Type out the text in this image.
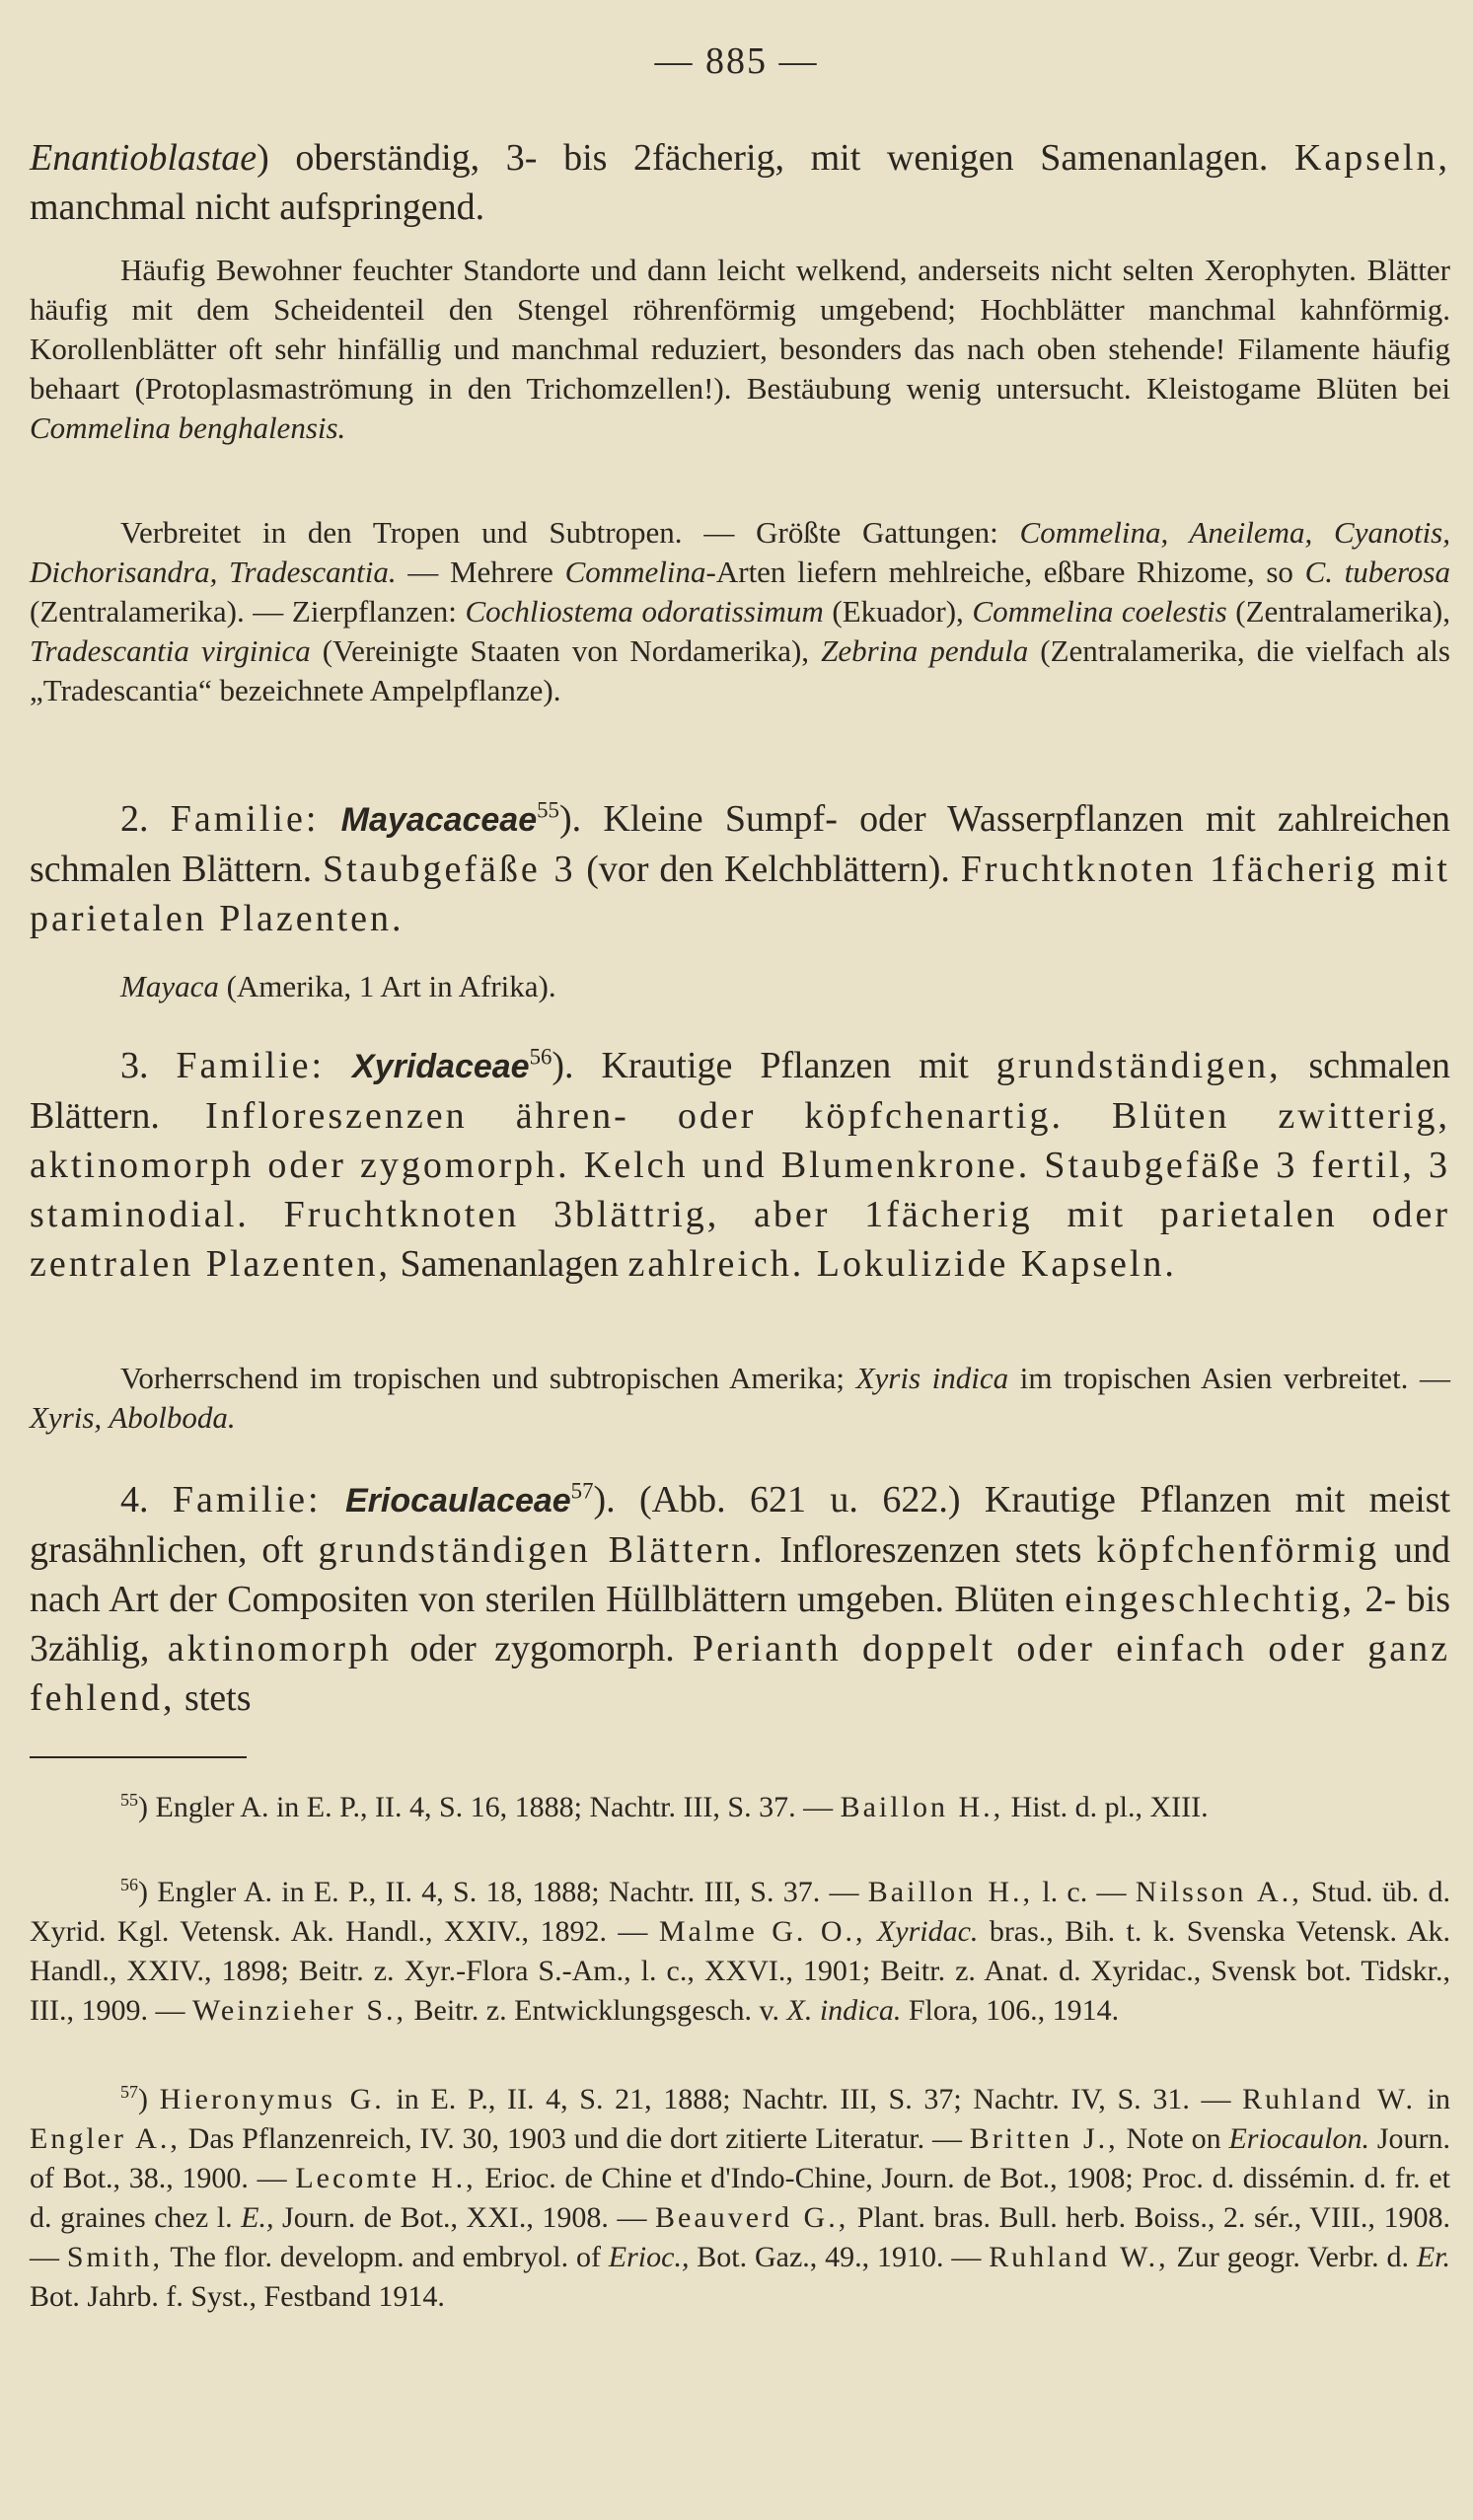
— 885 —
Enantioblastae) oberständig, 3- bis 2fächerig, mit wenigen Samenanlagen. Kapseln, manchmal nicht aufspringend.
Häufig Bewohner feuchter Standorte und dann leicht welkend, anderseits nicht selten Xerophyten. Blätter häufig mit dem Scheidenteil den Stengel röhrenförmig umgebend; Hochblätter manchmal kahnförmig. Korollenblätter oft sehr hinfällig und manchmal reduziert, besonders das nach oben stehende! Filamente häufig behaart (Protoplasmaströmung in den Trichomzellen!). Bestäubung wenig untersucht. Kleistogame Blüten bei Commelina benghalensis.
Verbreitet in den Tropen und Subtropen. — Größte Gattungen: Commelina, Aneilema, Cyanotis, Dichorisandra, Tradescantia. — Mehrere Commelina-Arten liefern mehlreiche, eßbare Rhizome, so C. tuberosa (Zentralamerika). — Zierpflanzen: Cochliostema odoratissimum (Ekuador), Commelina coelestis (Zentralamerika), Tradescantia virginica (Vereinigte Staaten von Nordamerika), Zebrina pendula (Zentralamerika, die vielfach als „Tradescantia“ bezeichnete Ampelpflanze).
2. Familie: Mayacaceae$^{55}$). Kleine Sumpf- oder Wasserpflanzen mit zahlreichen schmalen Blättern. Staubgefäße 3 (vor den Kelchblättern). Fruchtknoten 1fächerig mit parietalen Plazenten.
Mayaca (Amerika, 1 Art in Afrika).
3. Familie: Xyridaceae$^{56}$). Krautige Pflanzen mit grundständigen, schmalen Blättern. Infloreszenzen ähren- oder köpfchenartig. Blüten zwitterig, aktinomorph oder zygomorph. Kelch und Blumenkrone. Staubgefäße 3 fertil, 3 staminodial. Fruchtknoten 3blättrig, aber 1fächerig mit parietalen oder zentralen Plazenten, Samenanlagen zahlreich. Lokulizide Kapseln.
Vorherrschend im tropischen und subtropischen Amerika; Xyris indica im tropischen Asien verbreitet. — Xyris, Abolboda.
4. Familie: Eriocaulaceae$^{57}$). (Abb. 621 u. 622.) Krautige Pflanzen mit meist grasähnlichen, oft grundständigen Blättern. Infloreszenzen stets köpfchenförmig und nach Art der Compositen von sterilen Hüllblättern umgeben. Blüten eingeschlechtig, 2- bis 3zählig, aktinomorph oder zygomorph. Perianth doppelt oder einfach oder ganz fehlend, stets
$^{55}$) Engler A. in E. P., II. 4, S. 16, 1888; Nachtr. III, S. 37. — Baillon H., Hist. d. pl., XIII.
$^{56}$) Engler A. in E. P., II. 4, S. 18, 1888; Nachtr. III, S. 37. — Baillon H., l. c. — Nilsson A., Stud. üb. d. Xyrid. Kgl. Vetensk. Ak. Handl., XXIV., 1892. — Malme G. O., Xyridac. bras., Bih. t. k. Svenska Vetensk. Ak. Handl., XXIV., 1898; Beitr. z. Xyr.-Flora S.-Am., l. c., XXVI., 1901; Beitr. z. Anat. d. Xyridac., Svensk bot. Tidskr., III., 1909. — Weinzieher S., Beitr. z. Entwicklungsgesch. v. X. indica. Flora, 106., 1914.
$^{57}$) Hieronymus G. in E. P., II. 4, S. 21, 1888; Nachtr. III, S. 37; Nachtr. IV, S. 31. — Ruhland W. in Engler A., Das Pflanzenreich, IV. 30, 1903 und die dort zitierte Literatur. — Britten J., Note on Eriocaulon. Journ. of Bot., 38., 1900. — Lecomte H., Erioc. de Chine et d'Indo-Chine, Journ. de Bot., 1908; Proc. d. dissémin. d. fr. et d. graines chez l. E., Journ. de Bot., XXI., 1908. — Beauverd G., Plant. bras. Bull. herb. Boiss., 2. sér., VIII., 1908. — Smith, The flor. developm. and embryol. of Erioc., Bot. Gaz., 49., 1910. — Ruhland W., Zur geogr. Verbr. d. Er. Bot. Jahrb. f. Syst., Festband 1914.
